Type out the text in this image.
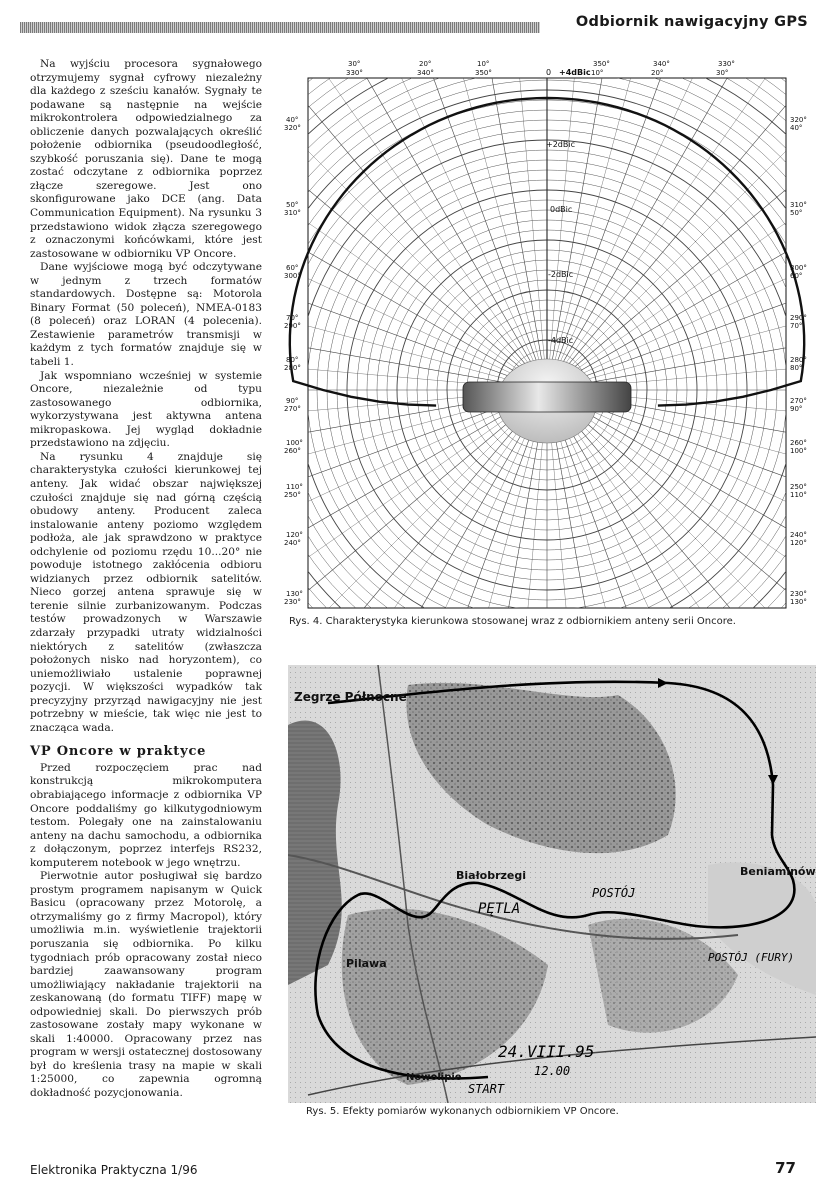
Odbiornik nawigacyjny GPS

Na wyjściu procesora sygnałowego otrzymujemy sygnał cyfrowy niezależny dla każdego z sześciu kanałów. Sygnały te podawane są następnie na wejście mikrokontrolera odpowiedzialnego za obliczenie danych pozwalających określić położenie odbiornika (pseudoodległość, szybkość poruszania się). Dane te mogą zostać odczytane z odbiornika poprzez złącze szeregowe. Jest ono skonfigurowane jako DCE (ang. Data Communication Equipment). Na rysunku 3 przedstawiono widok złącza szeregowego z oznaczonymi końcówkami, które jest zastosowane w odbiorniku VP Oncore.

Dane wyjściowe mogą być odczytywane w jednym z trzech formatów standardowych. Dostępne są: Motorola Binary Format (50 poleceń), NMEA-0183 (8 poleceń) oraz LORAN (4 polecenia). Zestawienie parametrów transmisji w każdym z tych formatów znajduje się w tabeli 1.

Jak wspomniano wcześniej w systemie Oncore, niezależnie od typu zastosowanego odbiornika, wykorzystywana jest aktywna antena mikropaskowa. Jej wygląd dokładnie przedstawiono na zdjęciu.

Na rysunku 4 znajduje się charakterystyka czułości kierunkowej tej anteny. Jak widać obszar największej czułości znajduje się nad górną częścią obudowy anteny. Producent zaleca instalowanie anteny poziomo względem podłoża, ale jak sprawdzono w praktyce odchylenie od poziomu rzędu 10...20° nie powoduje istotnego zakłócenia odbioru widzianych przez odbiornik satelitów. Nieco gorzej antena sprawuje się w terenie silnie zurbanizowanym. Podczas testów prowadzonych w Warszawie zdarzały przypadki utraty widzialności niektórych z satelitów (zwłaszcza położonych nisko nad horyzontem), co uniemożliwiało ustalenie poprawnej pozycji. W większości wypadków tak precyzyjny przyrząd nawigacyjny nie jest potrzebny w mieście, tak więc nie jest to znacząca wada.

VP Oncore w praktyce

Przed rozpoczęciem prac nad konstrukcją mikrokomputera obrabiającego informacje z odbiornika VP Oncore poddaliśmy go kilkutygodniowym testom. Polegały one na zainstalowaniu anteny na dachu samochodu, a odbiornika z dołączonym, poprzez interfejs RS232, komputerem notebook w jego wnętrzu.

Pierwotnie autor posługiwał się bardzo prostym programem napisanym w Quick Basicu (opracowany przez Motorolę, a otrzymaliśmy go z firmy Macropol), który umożliwia m.in. wyświetlenie trajektorii poruszania się odbiornika. Po kilku tygodniach prób opracowany został nieco bardziej zaawansowany program umożliwiający nakładanie trajektorii na zeskanowaną (do formatu TIFF) mapę w odpowiedniej skali. Do pierwszych prób zastosowane zostały mapy wykonane w skali 1:40000. Opracowany przez nas program w wersji ostatecznej dostosowany był do kreślenia trasy na mapie w skali 1:25000, co zapewnia ogromną dokładność pozycjonowania.

0 +4dBic
+2dBic
0dBic
-2dBic
-4dBic
30°
330°
20°
340°
10°
350°
350°
10°
340°
20°
330°
30°
40°
320°
50°
310°
60°
300°
70°
290°
80°
280°
90°
270°
100°
260°
110°
250°
120°
240°
130°
230°
320°
40°
310°
50°
300°
60°
290°
70°
280°
80°
270°
90°
260°
100°
250°
110°
240°
120°
230°
130°
Rys. 4. Charakterystyka kierunkowa stosowanej wraz z odbiornikiem anteny serii Oncore.
Zegrze Północne
Białobrzegi	Beniaminów
Pilawa
Nowolipie
PĘTLA
POSTÓJ
POSTÓJ (FURY)
START
24.VIII.95
12.00
Rys. 5. Efekty pomiarów wykonanych odbiornikiem VP Oncore.
Elektronika Praktyczna 1/96	77
